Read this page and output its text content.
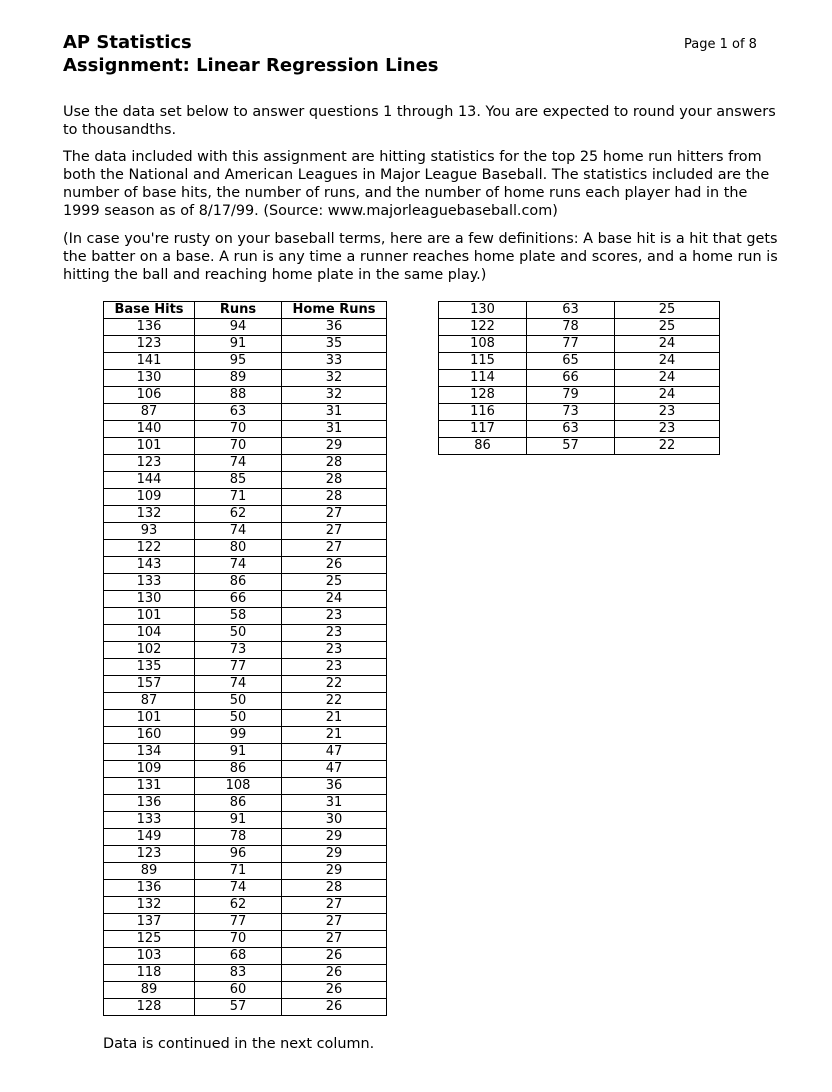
Page 1 of 8
AP Statistics
Assignment: Linear Regression Lines

Use the data set below to answer questions 1 through 13. You are expected to round your answers to thousandths.

The data included with this assignment are hitting statistics for the top 25 home run hitters from both the National and American Leagues in Major League Baseball. The statistics included are the number of base hits, the number of runs, and the number of home runs each player had in the 1999 season as of 8/17/99. (Source: www.majorleaguebaseball.com)

(In case you're rusty on your baseball terms, here are a few definitions: A base hit is a hit that gets the batter on a base. A run is any time a runner reaches home plate and scores, and a home run is hitting the ball and reaching home plate in the same play.)

Base Hits	Runs	Home Runs
136	94	36
123	91	35
141	95	33
130	89	32
106	88	32
87	63	31
140	70	31
101	70	29
123	74	28
144	85	28
109	71	28
132	62	27
93	74	27
122	80	27
143	74	26
133	86	25
130	66	24
101	58	23
104	50	23
102	73	23
135	77	23
157	74	22
87	50	22
101	50	21
160	99	21
134	91	47
109	86	47
131	108	36
136	86	31
133	91	30
149	78	29
123	96	29
89	71	29
136	74	28
132	62	27
137	77	27
125	70	27
103	68	26
118	83	26
89	60	26
128	57	26
130	63	25
122	78	25
108	77	24
115	65	24
114	66	24
128	79	24
116	73	23
117	63	23
86	57	22
Data is continued in the next column.
